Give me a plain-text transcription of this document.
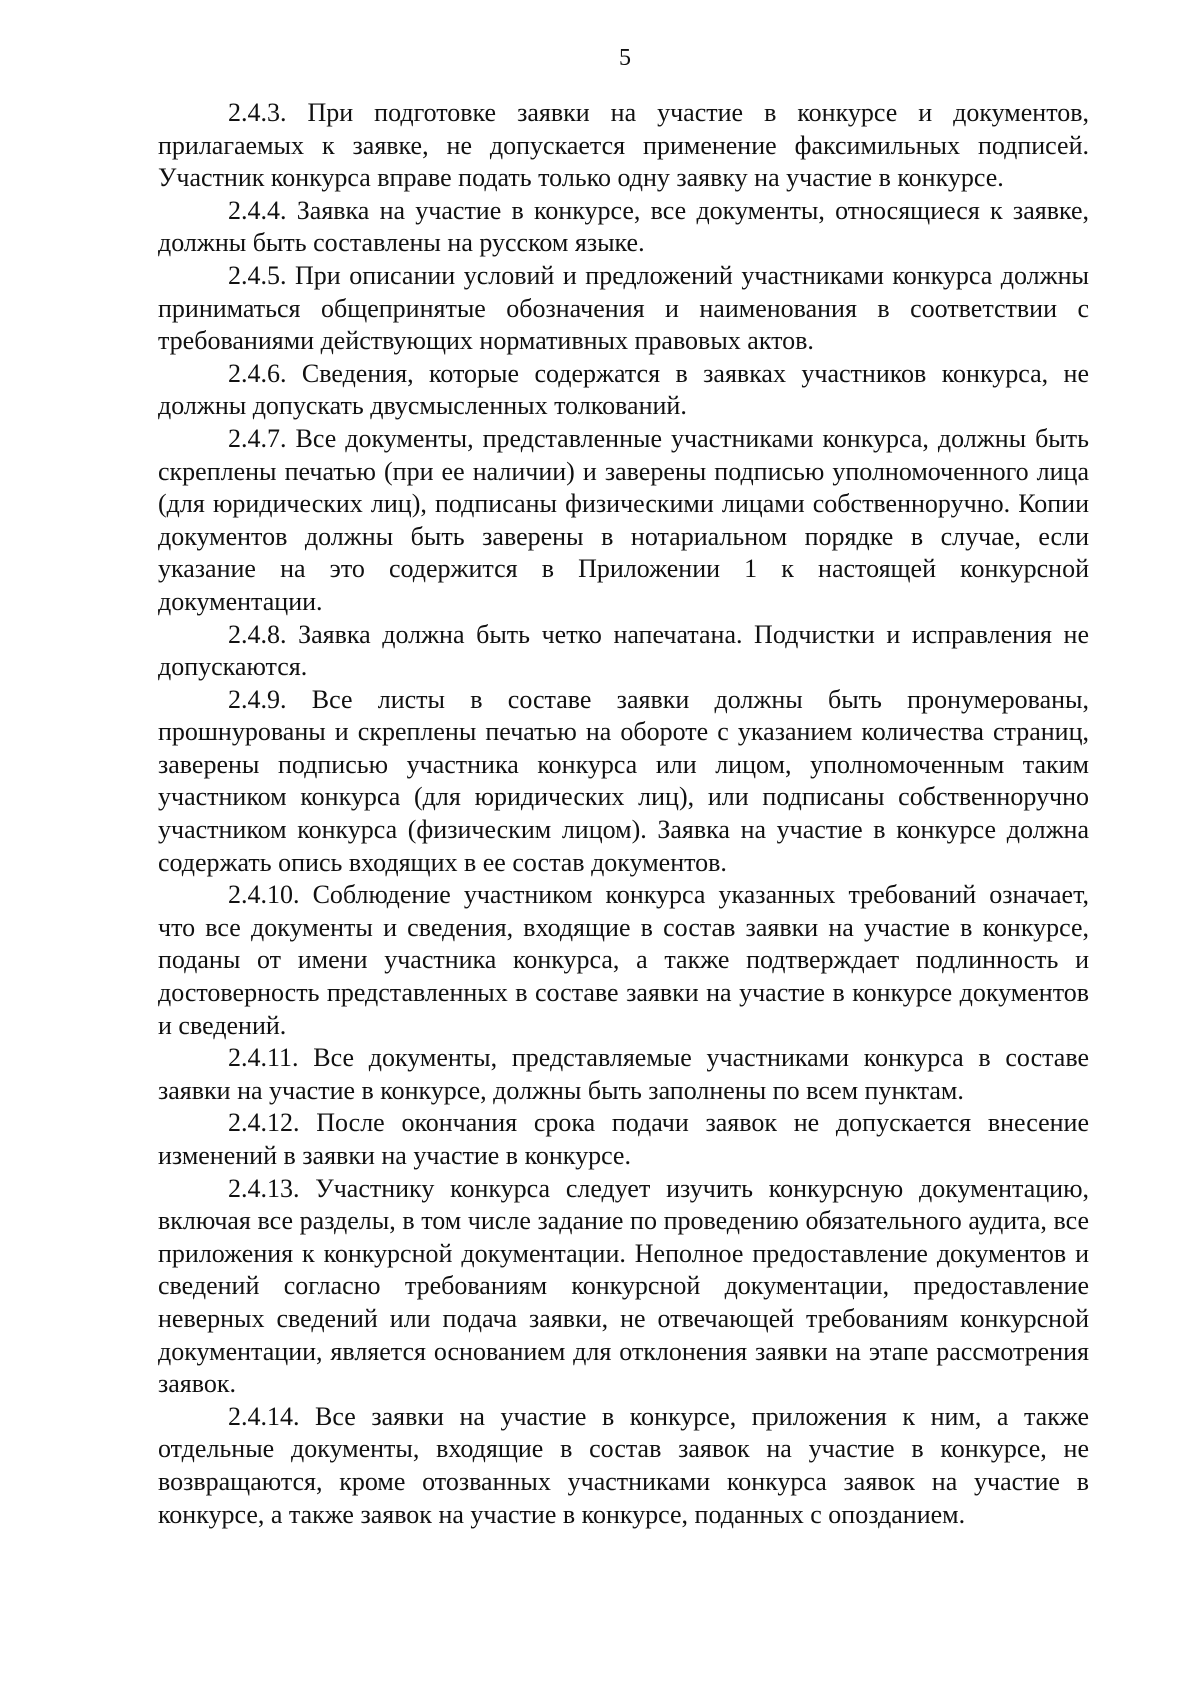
5

2.4.3. При подготовке заявки на участие в конкурсе и документов, прилагаемых к заявке, не допускается применение факсимильных подписей. Участник конкурса вправе подать только одну заявку на участие в конкурсе.

2.4.4. Заявка на участие в конкурсе, все документы, относящиеся к заявке, должны быть составлены на русском языке.

2.4.5. При описании условий и предложений участниками конкурса должны приниматься общепринятые обозначения и наименования в соответствии с требованиями действующих нормативных правовых актов.

2.4.6. Сведения, которые содержатся в заявках участников конкурса, не должны допускать двусмысленных толкований.

2.4.7. Все документы, представленные участниками конкурса, должны быть скреплены печатью (при ее наличии) и заверены подписью уполномоченного лица (для юридических лиц), подписаны физическими лицами собственноручно. Копии документов должны быть заверены в нотариальном порядке в случае, если указание на это содержится в Приложении 1 к настоящей конкурсной документации.

2.4.8. Заявка должна быть четко напечатана. Подчистки и исправления не допускаются.

2.4.9. Все листы в составе заявки должны быть пронумерованы, прошнурованы и скреплены печатью на обороте с указанием количества страниц, заверены подписью участника конкурса или лицом, уполномоченным таким участником конкурса (для юридических лиц), или подписаны собственноручно участником конкурса (физическим лицом). Заявка на участие в конкурсе должна содержать опись входящих в ее состав документов.

2.4.10. Соблюдение участником конкурса указанных требований означает, что все документы и сведения, входящие в состав заявки на участие в конкурсе, поданы от имени участника конкурса, а также подтверждает подлинность и достоверность представленных в составе заявки на участие в конкурсе документов и сведений.

2.4.11. Все документы, представляемые участниками конкурса в составе заявки на участие в конкурсе, должны быть заполнены по всем пунктам.

2.4.12. После окончания срока подачи заявок не допускается внесение изменений в заявки на участие в конкурсе.

2.4.13. Участнику конкурса следует изучить конкурсную документацию, включая все разделы, в том числе задание по проведению обязательного аудита, все приложения к конкурсной документации. Неполное предоставление документов и сведений согласно требованиям конкурсной документации, предоставление неверных сведений или подача заявки, не отвечающей требованиям конкурсной документации, является основанием для отклонения заявки на этапе рассмотрения заявок.

2.4.14. Все заявки на участие в конкурсе, приложения к ним, а также отдельные документы, входящие в состав заявок на участие в конкурсе, не возвращаются, кроме отозванных участниками конкурса заявок на участие в конкурсе, а также заявок на участие в конкурсе, поданных с опозданием.
